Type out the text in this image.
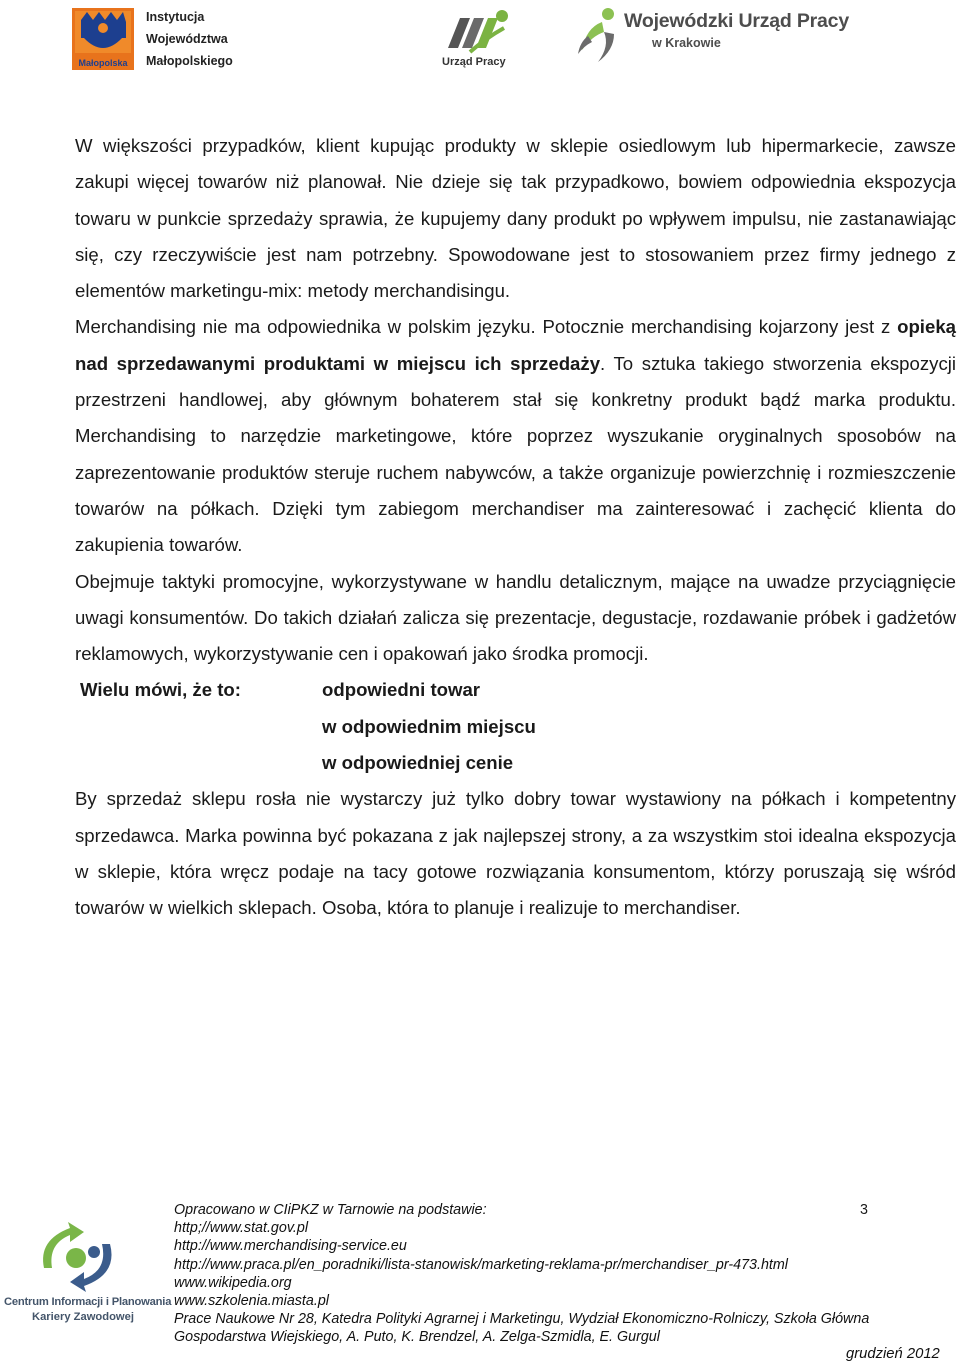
Małopolska
Instytucja
Województwa
Małopolskiego	Urząd Pracy
Wojewódzki Urząd Pracy
w Krakowie

W większości przypadków, klient kupując produkty w sklepie osiedlowym lub hipermarkecie, zawsze zakupi więcej towarów niż planował. Nie dzieje się tak przypadkowo, bowiem odpowiednia ekspozycja towaru w punkcie sprzedaży sprawia, że kupujemy dany produkt po wpływem impulsu, nie zastanawiając się, czy rzeczywiście jest nam potrzebny. Spowodowane jest to stosowaniem przez firmy jednego z elementów marketingu-mix: metody merchandisingu.

Merchandising nie ma odpowiednika w polskim języku. Potocznie merchandising kojarzony jest z opieką nad sprzedawanymi produktami w miejscu ich sprzedaży. To sztuka takiego stworzenia ekspozycji przestrzeni handlowej, aby głównym bohaterem stał się konkretny produkt bądź marka produktu. Merchandising to narzędzie marketingowe, które poprzez wyszukanie oryginalnych sposobów na zaprezentowanie produktów steruje ruchem nabywców, a także organizuje powierzchnię i rozmieszczenie towarów na półkach. Dzięki tym zabiegom merchandiser ma zainteresować i zachęcić klienta do zakupienia towarów.

Obejmuje taktyki promocyjne, wykorzystywane w handlu detalicznym, mające na uwadze przyciągnięcie uwagi konsumentów. Do takich działań zalicza się prezentacje, degustacje, rozdawanie próbek i gadżetów reklamowych, wykorzystywanie cen i opakowań jako środka promocji.

Wielu mówi, że to:	odpowiedni towar
w odpowiednim miejscu
w odpowiedniej cenie

By sprzedaż sklepu rosła nie wystarczy już tylko dobry towar wystawiony na półkach i kompetentny sprzedawca. Marka powinna być pokazana z jak najlepszej strony, a za wszystkim stoi idealna ekspozycja w sklepie, która wręcz podaje na tacy gotowe rozwiązania konsumentom, którzy poruszają się wśród towarów w wielkich sklepach. Osoba, która to planuje i realizuje to merchandiser.

Centrum Informacji i Planowania
Kariery Zawodowej
Opracowano w CIiPKZ w Tarnowie na podstawie:
http;//www.stat.gov.pl
http://www.merchandising-service.eu
http://www.praca.pl/en_poradniki/lista-stanowisk/marketing-reklama-pr/merchandiser_pr-473.html
www.wikipedia.org
www.szkolenia.miasta.pl
Prace Naukowe Nr 28, Katedra Polityki Agrarnej i Marketingu, Wydział Ekonomiczno-Rolniczy, Szkoła Główna
Gospodarstwa Wiejskiego, A. Puto, K. Brendzel, A. Zelga-Szmidla, E. Gurgul
3
grudzień 2012
